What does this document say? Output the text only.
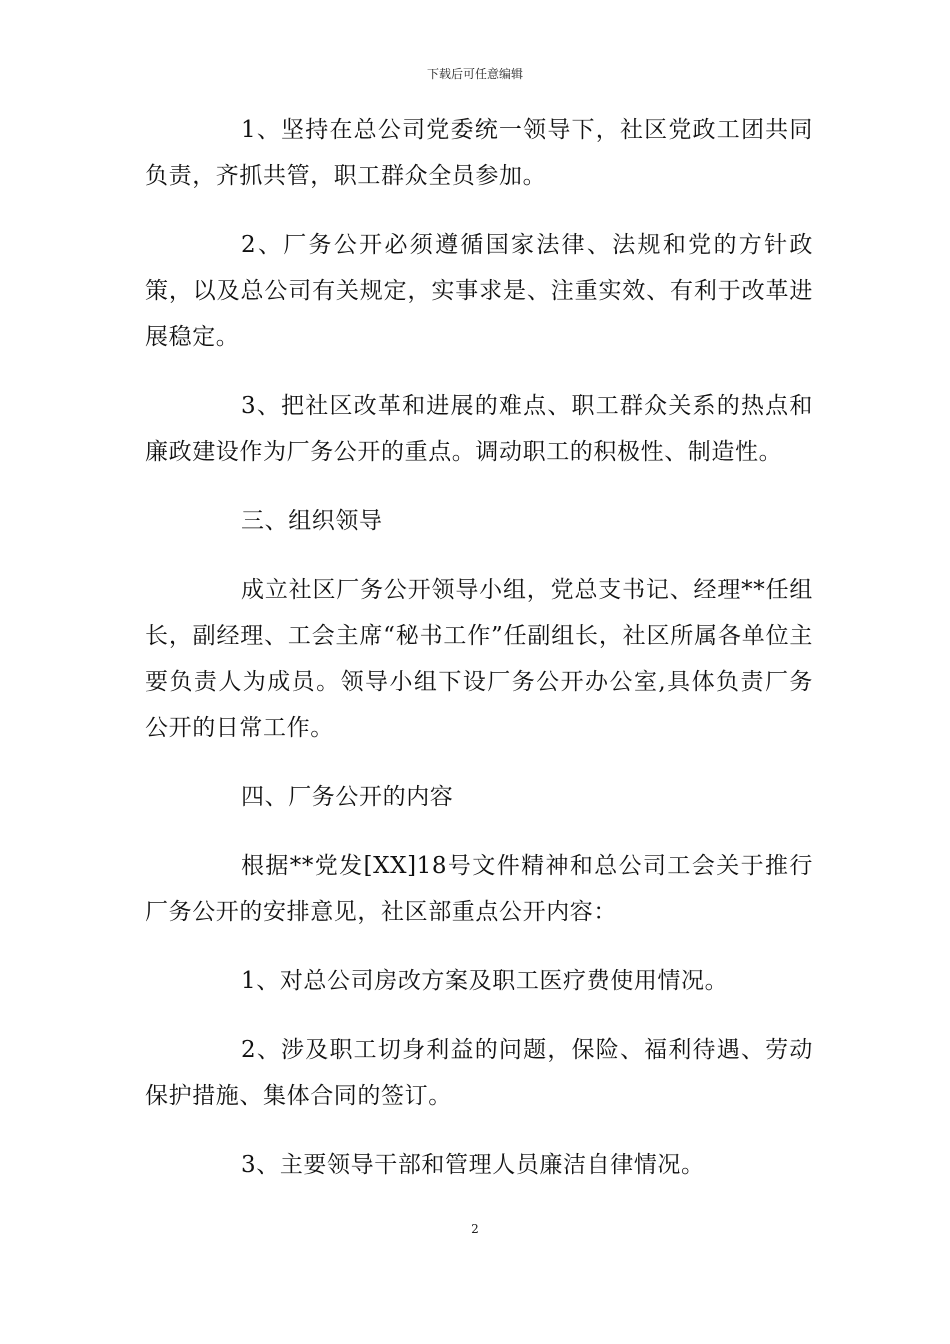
下载后可任意编辑

1、坚持在总公司党委统一领导下，社区党政工团共同负责，齐抓共管，职工群众全员参加。

2、厂务公开必须遵循国家法律、法规和党的方针政策，以及总公司有关规定，实事求是、注重实效、有利于改革进展稳定。

3、把社区改革和进展的难点、职工群众关系的热点和廉政建设作为厂务公开的重点。调动职工的积极性、制造性。

三、组织领导

成立社区厂务公开领导小组，党总支书记、经理**任组长，副经理、工会主席“秘书工作”任副组长，社区所属各单位主要负责人为成员。领导小组下设厂务公开办公室,具体负责厂务公开的日常工作。

四、厂务公开的内容

根据**党发[XX]18号文件精神和总公司工会关于推行厂务公开的安排意见，社区部重点公开内容：

1、对总公司房改方案及职工医疗费使用情况。

2、涉及职工切身利益的问题，保险、福利待遇、劳动保护措施、集体合同的签订。

3、主要领导干部和管理人员廉洁自律情况。

2
